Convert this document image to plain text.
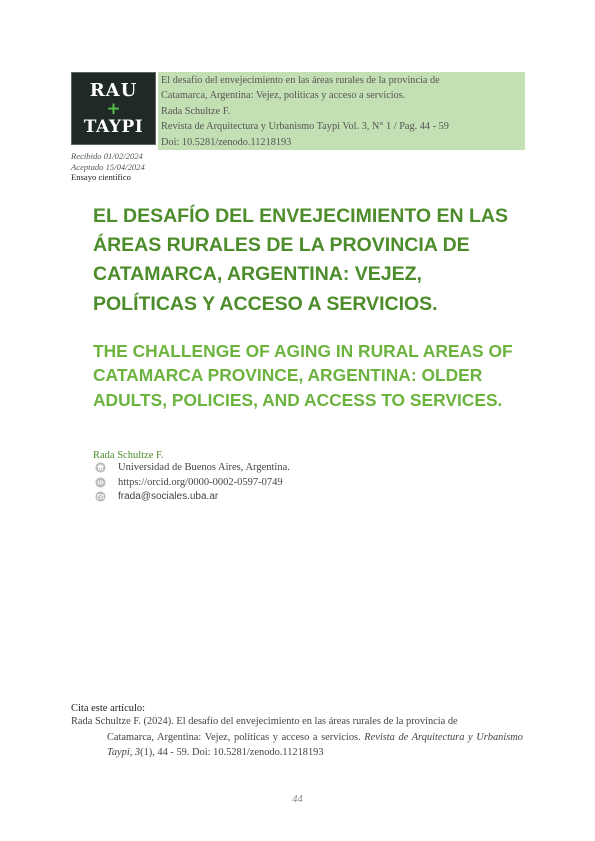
RAU
+
TAYPI
El desafío del envejecimiento en las áreas rurales de la provincia de
Catamarca, Argentina: Vejez, políticas y acceso a servicios.
Rada Schultze F.
Revista de Arquitectura y Urbanismo Taypi Vol. 3, N° 1 / Pag. 44 - 59
Doi: 10.5281/zenodo.11218193
Recibido 01/02/2024
Aceptado 15/04/2024
Ensayo científico
EL DESAFÍO DEL ENVEJECIMIENTO EN LAS ÁREAS RURALES DE LA PROVINCIA DE CATAMARCA, ARGENTINA: VEJEZ, POLÍTICAS Y ACCESO A SERVICIOS.
THE CHALLENGE OF AGING IN RURAL AREAS OF CATAMARCA PROVINCE, ARGENTINA: OLDER ADULTS, POLICIES, AND ACCESS TO SERVICES.
Rada Schultze F.
Universidad de Buenos Aires, Argentina.
iD https://orcid.org/0000-0002-0597-0749
frada@sociales.uba.ar
Cita este artículo:
Rada Schultze F. (2024). El desafío del envejecimiento en las áreas rurales de la provincia de
Catamarca, Argentina: Vejez, políticas y acceso a servicios. Revista de Arquitectura y Urbanismo Taypi, 3(1), 44 - 59. Doi: 10.5281/zenodo.11218193
44
